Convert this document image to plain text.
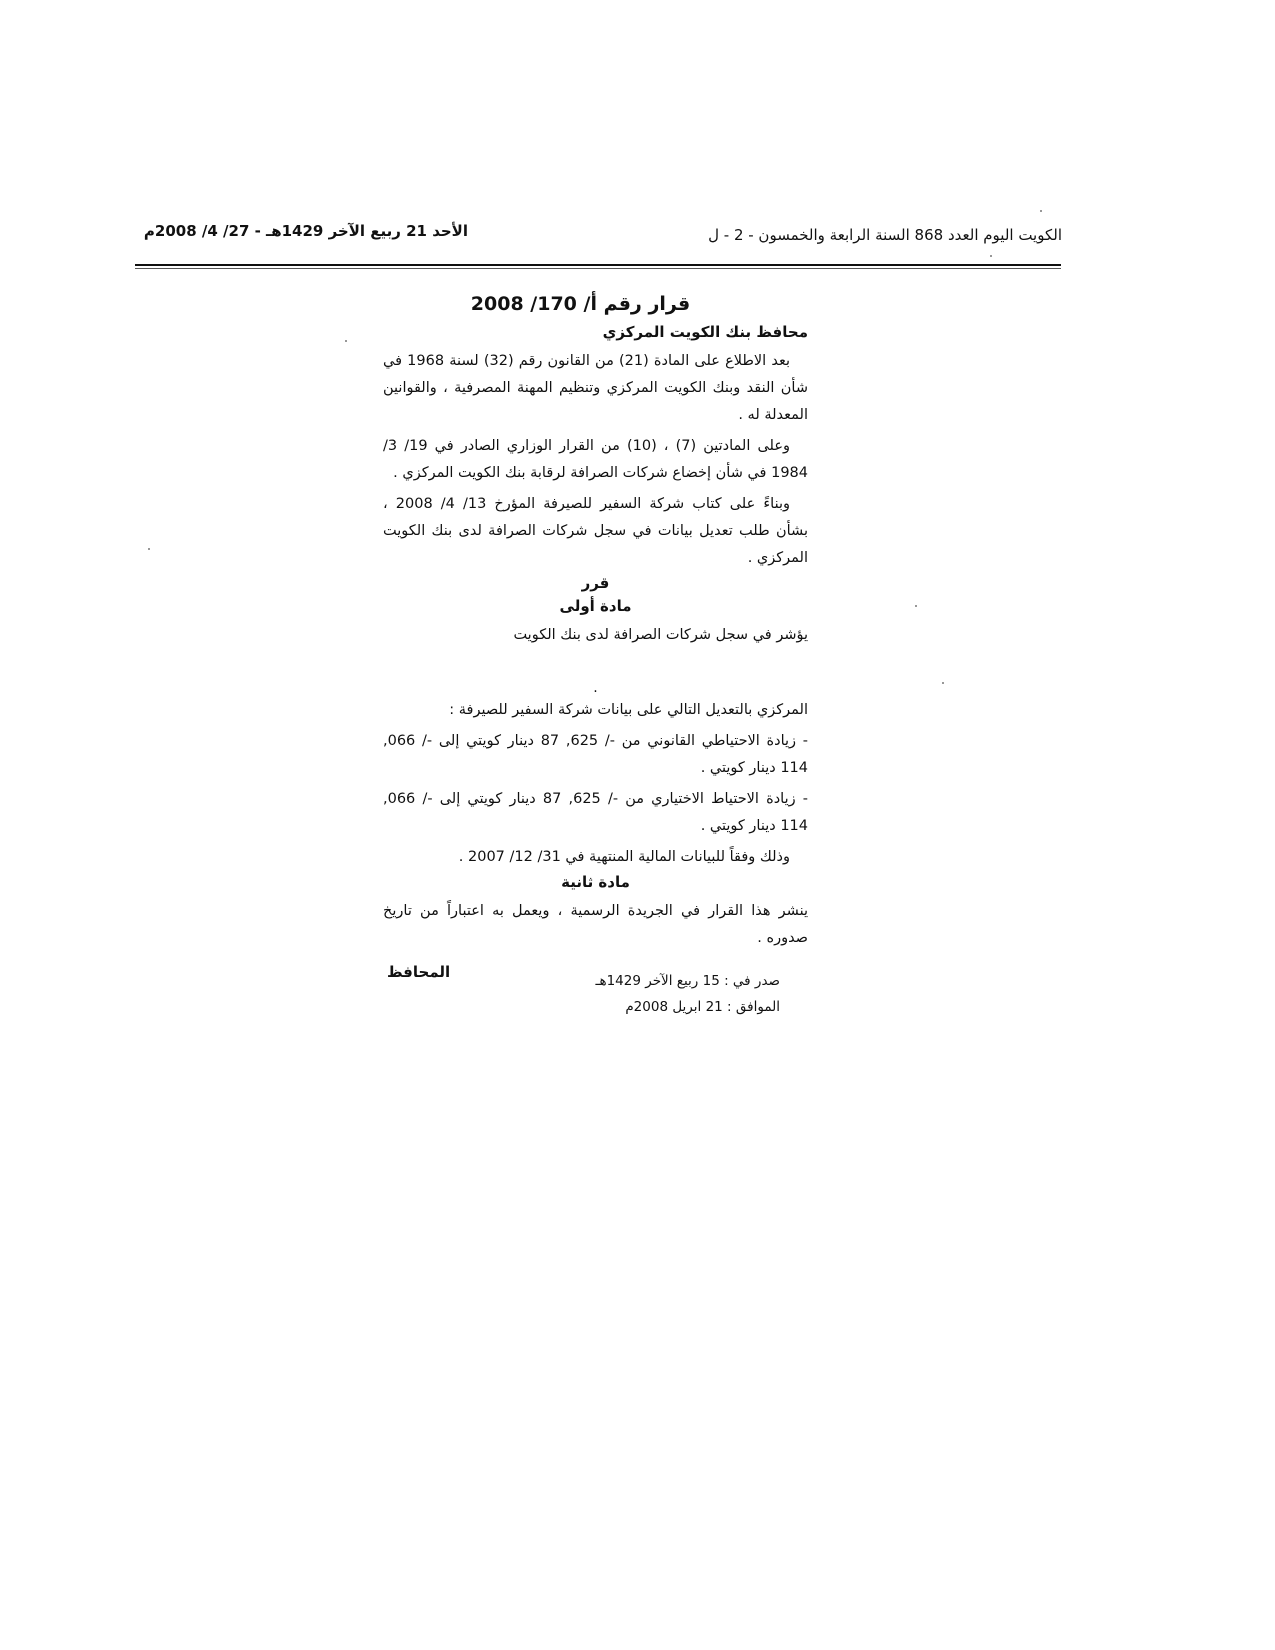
الأحد 21 ربيع الآخر 1429هـ - 27/ 4/ 2008م	الكويت اليوم العدد 868 السنة الرابعة والخمسون - 2 - ل
قرار رقم أ/ 170/ 2008
محافظ بنك الكويت المركزي
بعد الاطلاع على المادة (21) من القانون رقم (32) لسنة 1968 في شأن النقد وبنك الكويت المركزي وتنظيم المهنة المصرفية ، والقوانين المعدلة له .
وعلى المادتين (7) ، (10) من القرار الوزاري الصادر في 19/ 3/ 1984 في شأن إخضاع شركات الصرافة لرقابة بنك الكويت المركزي .
وبناءً على كتاب شركة السفير للصيرفة المؤرخ 13/ 4/ 2008 ، بشأن طلب تعديل بيانات في سجل شركات الصرافة لدى بنك الكويت المركزي .
قرر
مادة أولى
يؤشر في سجل شركات الصرافة لدى بنك الكويت
.
المركزي بالتعديل التالي على بيانات شركة السفير للصيرفة :
- زيادة الاحتياطي القانوني من -/ 625, 87 دينار كويتي إلى -/ 066, 114 دينار كويتي .
- زيادة الاحتياط الاختياري من -/ 625, 87 دينار كويتي إلى -/ 066, 114 دينار كويتي .
وذلك وفقاً للبيانات المالية المنتهية في 31/ 12/ 2007 .
مادة ثانية
ينشر هذا القرار في الجريدة الرسمية ، ويعمل به اعتباراً من تاريخ صدوره .
المحافظ	صدر في : 15 ربيع الآخر 1429هـ
الموافق : 21 ابريل 2008م
